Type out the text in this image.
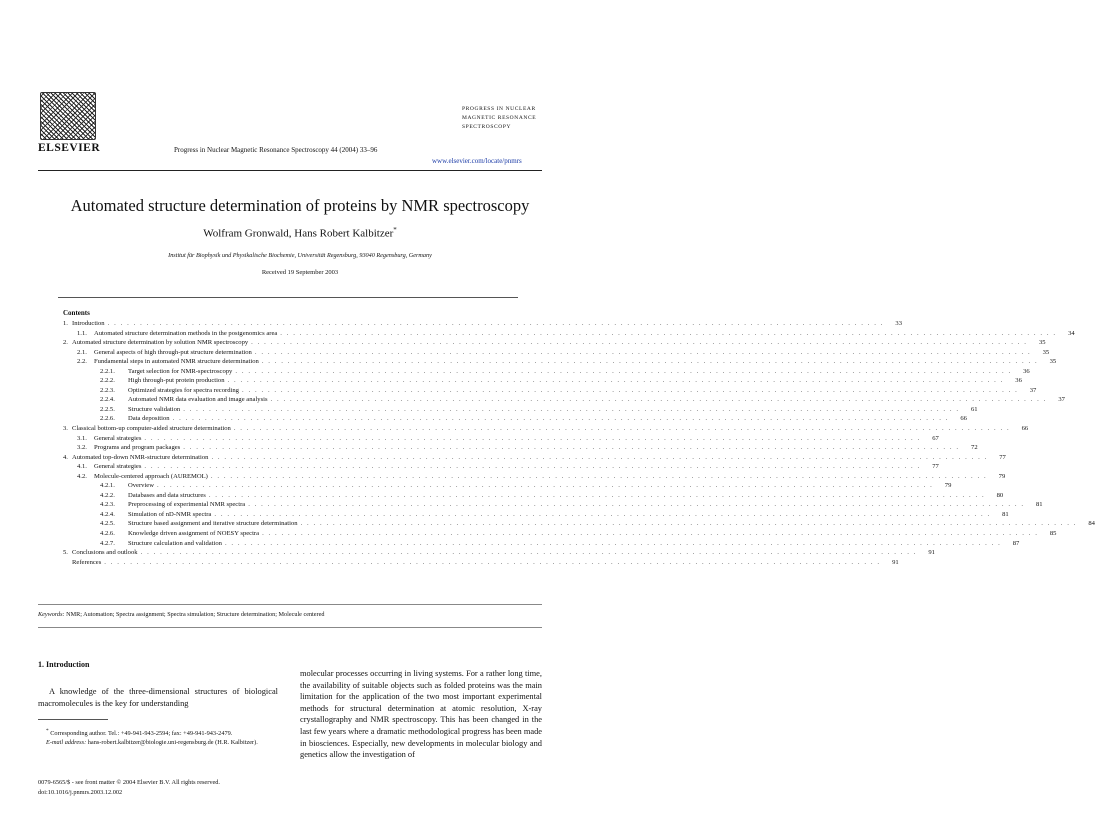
ELSEVIER	Progress in Nuclear Magnetic Resonance Spectroscopy 44 (2004) 33–96
PROGRESS IN NUCLEAR
MAGNETIC RESONANCE
SPECTROSCOPY
www.elsevier.com/locate/pnmrs
Automated structure determination of proteins by NMR spectroscopy
Wolfram Gronwald, Hans Robert Kalbitzer*
Institut für Biophysik und Physikalische Biochemie, Universität Regensburg, 93040 Regensburg, Germany
Received 19 September 2003
Contents
1. Introduction . . . . . . . . . . . . . . . . . . . . . . . . . . . . . . . . . . . . . . . . . . . . . . . . . . . . . . . . . . . . . . . . . . . . . . . . . . . . . . . . . . . . . . . . . . . . . . . . . . . . . . . . . . . . . . . . . . . . . . . .	33
1.1.	Automated structure determination methods in the postgenomics area . . . . . . . . . . . . . . . . . . . . . . . . . . . . . . . . . . . . . . . . . . . . . . . . . . . . . . . . . . . . . . . . . . . . . . . . . . . . . . . . . . . . . . . . . . . . . . . . . . . . . . . . . . . . . . . . . . . . . . . .	34
2. Automated structure determination by solution NMR spectroscopy . . . . . . . . . . . . . . . . . . . . . . . . . . . . . . . . . . . . . . . . . . . . . . . . . . . . . . . . . . . . . . . . . . . . . . . . . . . . . . . . . . . . . . . . . . . . . . . . . . . . . . . . . . . . . . . . . . . . . . . .	35
2.1.	General aspects of high through-put structure determination . . . . . . . . . . . . . . . . . . . . . . . . . . . . . . . . . . . . . . . . . . . . . . . . . . . . . . . . . . . . . . . . . . . . . . . . . . . . . . . . . . . . . . . . . . . . . . . . . . . . . . . . . . . . . . . . . . . . . . . .	35
2.2.	Fundamental steps in automated NMR structure determination . . . . . . . . . . . . . . . . . . . . . . . . . . . . . . . . . . . . . . . . . . . . . . . . . . . . . . . . . . . . . . . . . . . . . . . . . . . . . . . . . . . . . . . . . . . . . . . . . . . . . . . . . . . . . . . . . . . . . . . .	35
2.2.1.	Target selection for NMR-spectroscopy . . . . . . . . . . . . . . . . . . . . . . . . . . . . . . . . . . . . . . . . . . . . . . . . . . . . . . . . . . . . . . . . . . . . . . . . . . . . . . . . . . . . . . . . . . . . . . . . . . . . . . . . . . . . . . . . . . . . . . . .	36
2.2.2.	High through-put protein production . . . . . . . . . . . . . . . . . . . . . . . . . . . . . . . . . . . . . . . . . . . . . . . . . . . . . . . . . . . . . . . . . . . . . . . . . . . . . . . . . . . . . . . . . . . . . . . . . . . . . . . . . . . . . . . . . . . . . . . .	36
2.2.3.	Optimized strategies for spectra recording . . . . . . . . . . . . . . . . . . . . . . . . . . . . . . . . . . . . . . . . . . . . . . . . . . . . . . . . . . . . . . . . . . . . . . . . . . . . . . . . . . . . . . . . . . . . . . . . . . . . . . . . . . . . . . . . . . . . . . . .	37
2.2.4.	Automated NMR data evaluation and image analysis . . . . . . . . . . . . . . . . . . . . . . . . . . . . . . . . . . . . . . . . . . . . . . . . . . . . . . . . . . . . . . . . . . . . . . . . . . . . . . . . . . . . . . . . . . . . . . . . . . . . . . . . . . . . . . . . . . . . . . . .	37
2.2.5.	Structure validation . . . . . . . . . . . . . . . . . . . . . . . . . . . . . . . . . . . . . . . . . . . . . . . . . . . . . . . . . . . . . . . . . . . . . . . . . . . . . . . . . . . . . . . . . . . . . . . . . . . . . . . . . . . . . . . . . . . . . . . .	61
2.2.6.	Data deposition . . . . . . . . . . . . . . . . . . . . . . . . . . . . . . . . . . . . . . . . . . . . . . . . . . . . . . . . . . . . . . . . . . . . . . . . . . . . . . . . . . . . . . . . . . . . . . . . . . . . . . . . . . . . . . . . . . . . . . . .	66
3. Classical bottom-up computer-aided structure determination . . . . . . . . . . . . . . . . . . . . . . . . . . . . . . . . . . . . . . . . . . . . . . . . . . . . . . . . . . . . . . . . . . . . . . . . . . . . . . . . . . . . . . . . . . . . . . . . . . . . . . . . . . . . . . . . . . . . . . . .	66
3.1.	General strategies . . . . . . . . . . . . . . . . . . . . . . . . . . . . . . . . . . . . . . . . . . . . . . . . . . . . . . . . . . . . . . . . . . . . . . . . . . . . . . . . . . . . . . . . . . . . . . . . . . . . . . . . . . . . . . . . . . . . . . . .	67
3.2.	Programs and program packages . . . . . . . . . . . . . . . . . . . . . . . . . . . . . . . . . . . . . . . . . . . . . . . . . . . . . . . . . . . . . . . . . . . . . . . . . . . . . . . . . . . . . . . . . . . . . . . . . . . . . . . . . . . . . . . . . . . . . . . .	72
4. Automated top-down NMR-structure determination . . . . . . . . . . . . . . . . . . . . . . . . . . . . . . . . . . . . . . . . . . . . . . . . . . . . . . . . . . . . . . . . . . . . . . . . . . . . . . . . . . . . . . . . . . . . . . . . . . . . . . . . . . . . . . . . . . . . . . . .	77
4.1.	General strategies . . . . . . . . . . . . . . . . . . . . . . . . . . . . . . . . . . . . . . . . . . . . . . . . . . . . . . . . . . . . . . . . . . . . . . . . . . . . . . . . . . . . . . . . . . . . . . . . . . . . . . . . . . . . . . . . . . . . . . . .	77
4.2.	Molecule-centered approach (AUREMOL) . . . . . . . . . . . . . . . . . . . . . . . . . . . . . . . . . . . . . . . . . . . . . . . . . . . . . . . . . . . . . . . . . . . . . . . . . . . . . . . . . . . . . . . . . . . . . . . . . . . . . . . . . . . . . . . . . . . . . . . .	79
4.2.1.	Overview . . . . . . . . . . . . . . . . . . . . . . . . . . . . . . . . . . . . . . . . . . . . . . . . . . . . . . . . . . . . . . . . . . . . . . . . . . . . . . . . . . . . . . . . . . . . . . . . . . . . . . . . . . . . . . . . . . . . . . . .	79
4.2.2.	Databases and data structures . . . . . . . . . . . . . . . . . . . . . . . . . . . . . . . . . . . . . . . . . . . . . . . . . . . . . . . . . . . . . . . . . . . . . . . . . . . . . . . . . . . . . . . . . . . . . . . . . . . . . . . . . . . . . . . . . . . . . . . .	80
4.2.3.	Preprocessing of experimental NMR spectra . . . . . . . . . . . . . . . . . . . . . . . . . . . . . . . . . . . . . . . . . . . . . . . . . . . . . . . . . . . . . . . . . . . . . . . . . . . . . . . . . . . . . . . . . . . . . . . . . . . . . . . . . . . . . . . . . . . . . . . .	81
4.2.4.	Simulation of nD-NMR spectra . . . . . . . . . . . . . . . . . . . . . . . . . . . . . . . . . . . . . . . . . . . . . . . . . . . . . . . . . . . . . . . . . . . . . . . . . . . . . . . . . . . . . . . . . . . . . . . . . . . . . . . . . . . . . . . . . . . . . . . .	81
4.2.5.	Structure based assignment and iterative structure determination . . . . . . . . . . . . . . . . . . . . . . . . . . . . . . . . . . . . . . . . . . . . . . . . . . . . . . . . . . . . . . . . . . . . . . . . . . . . . . . . . . . . . . . . . . . . . . . . . . . . . . . . . . . . . . . . . . . . . . . .	84
4.2.6.	Knowledge driven assignment of NOESY spectra . . . . . . . . . . . . . . . . . . . . . . . . . . . . . . . . . . . . . . . . . . . . . . . . . . . . . . . . . . . . . . . . . . . . . . . . . . . . . . . . . . . . . . . . . . . . . . . . . . . . . . . . . . . . . . . . . . . . . . . .	85
4.2.7.	Structure calculation and validation . . . . . . . . . . . . . . . . . . . . . . . . . . . . . . . . . . . . . . . . . . . . . . . . . . . . . . . . . . . . . . . . . . . . . . . . . . . . . . . . . . . . . . . . . . . . . . . . . . . . . . . . . . . . . . . . . . . . . . . .	87
5. Conclusions and outlook . . . . . . . . . . . . . . . . . . . . . . . . . . . . . . . . . . . . . . . . . . . . . . . . . . . . . . . . . . . . . . . . . . . . . . . . . . . . . . . . . . . . . . . . . . . . . . . . . . . . . . . . . . . . . . . . . . . . . . . .	91
References . . . . . . . . . . . . . . . . . . . . . . . . . . . . . . . . . . . . . . . . . . . . . . . . . . . . . . . . . . . . . . . . . . . . . . . . . . . . . . . . . . . . . . . . . . . . . . . . . . . . . . . . . . . . . . . . . . . . . . . .	91
Keywords: NMR; Automation; Spectra assignment; Spectra simulation; Structure determination; Molecule centered
1. Introduction

A knowledge of the three-dimensional structures of biological macromolecules is the key for understanding

molecular processes occurring in living systems. For a rather long time, the availability of suitable objects such as folded proteins was the main limitation for the application of the two most important experimental methods for structural determination at atomic resolution, X-ray crystallography and NMR spectroscopy. This has been changed in the last few years where a dramatic methodological progress has been made in biosciences. Especially, new developments in molecular biology and genetics allow the investigation of

* Corresponding author. Tel.: +49-941-943-2594; fax: +49-941-943-2479.

E-mail address: hans-robert.kalbitzer@biologie.uni-regensburg.de (H.R. Kalbitzer).

0079-6565/$ - see front matter © 2004 Elsevier B.V. All rights reserved.
doi:10.1016/j.pnmrs.2003.12.002
